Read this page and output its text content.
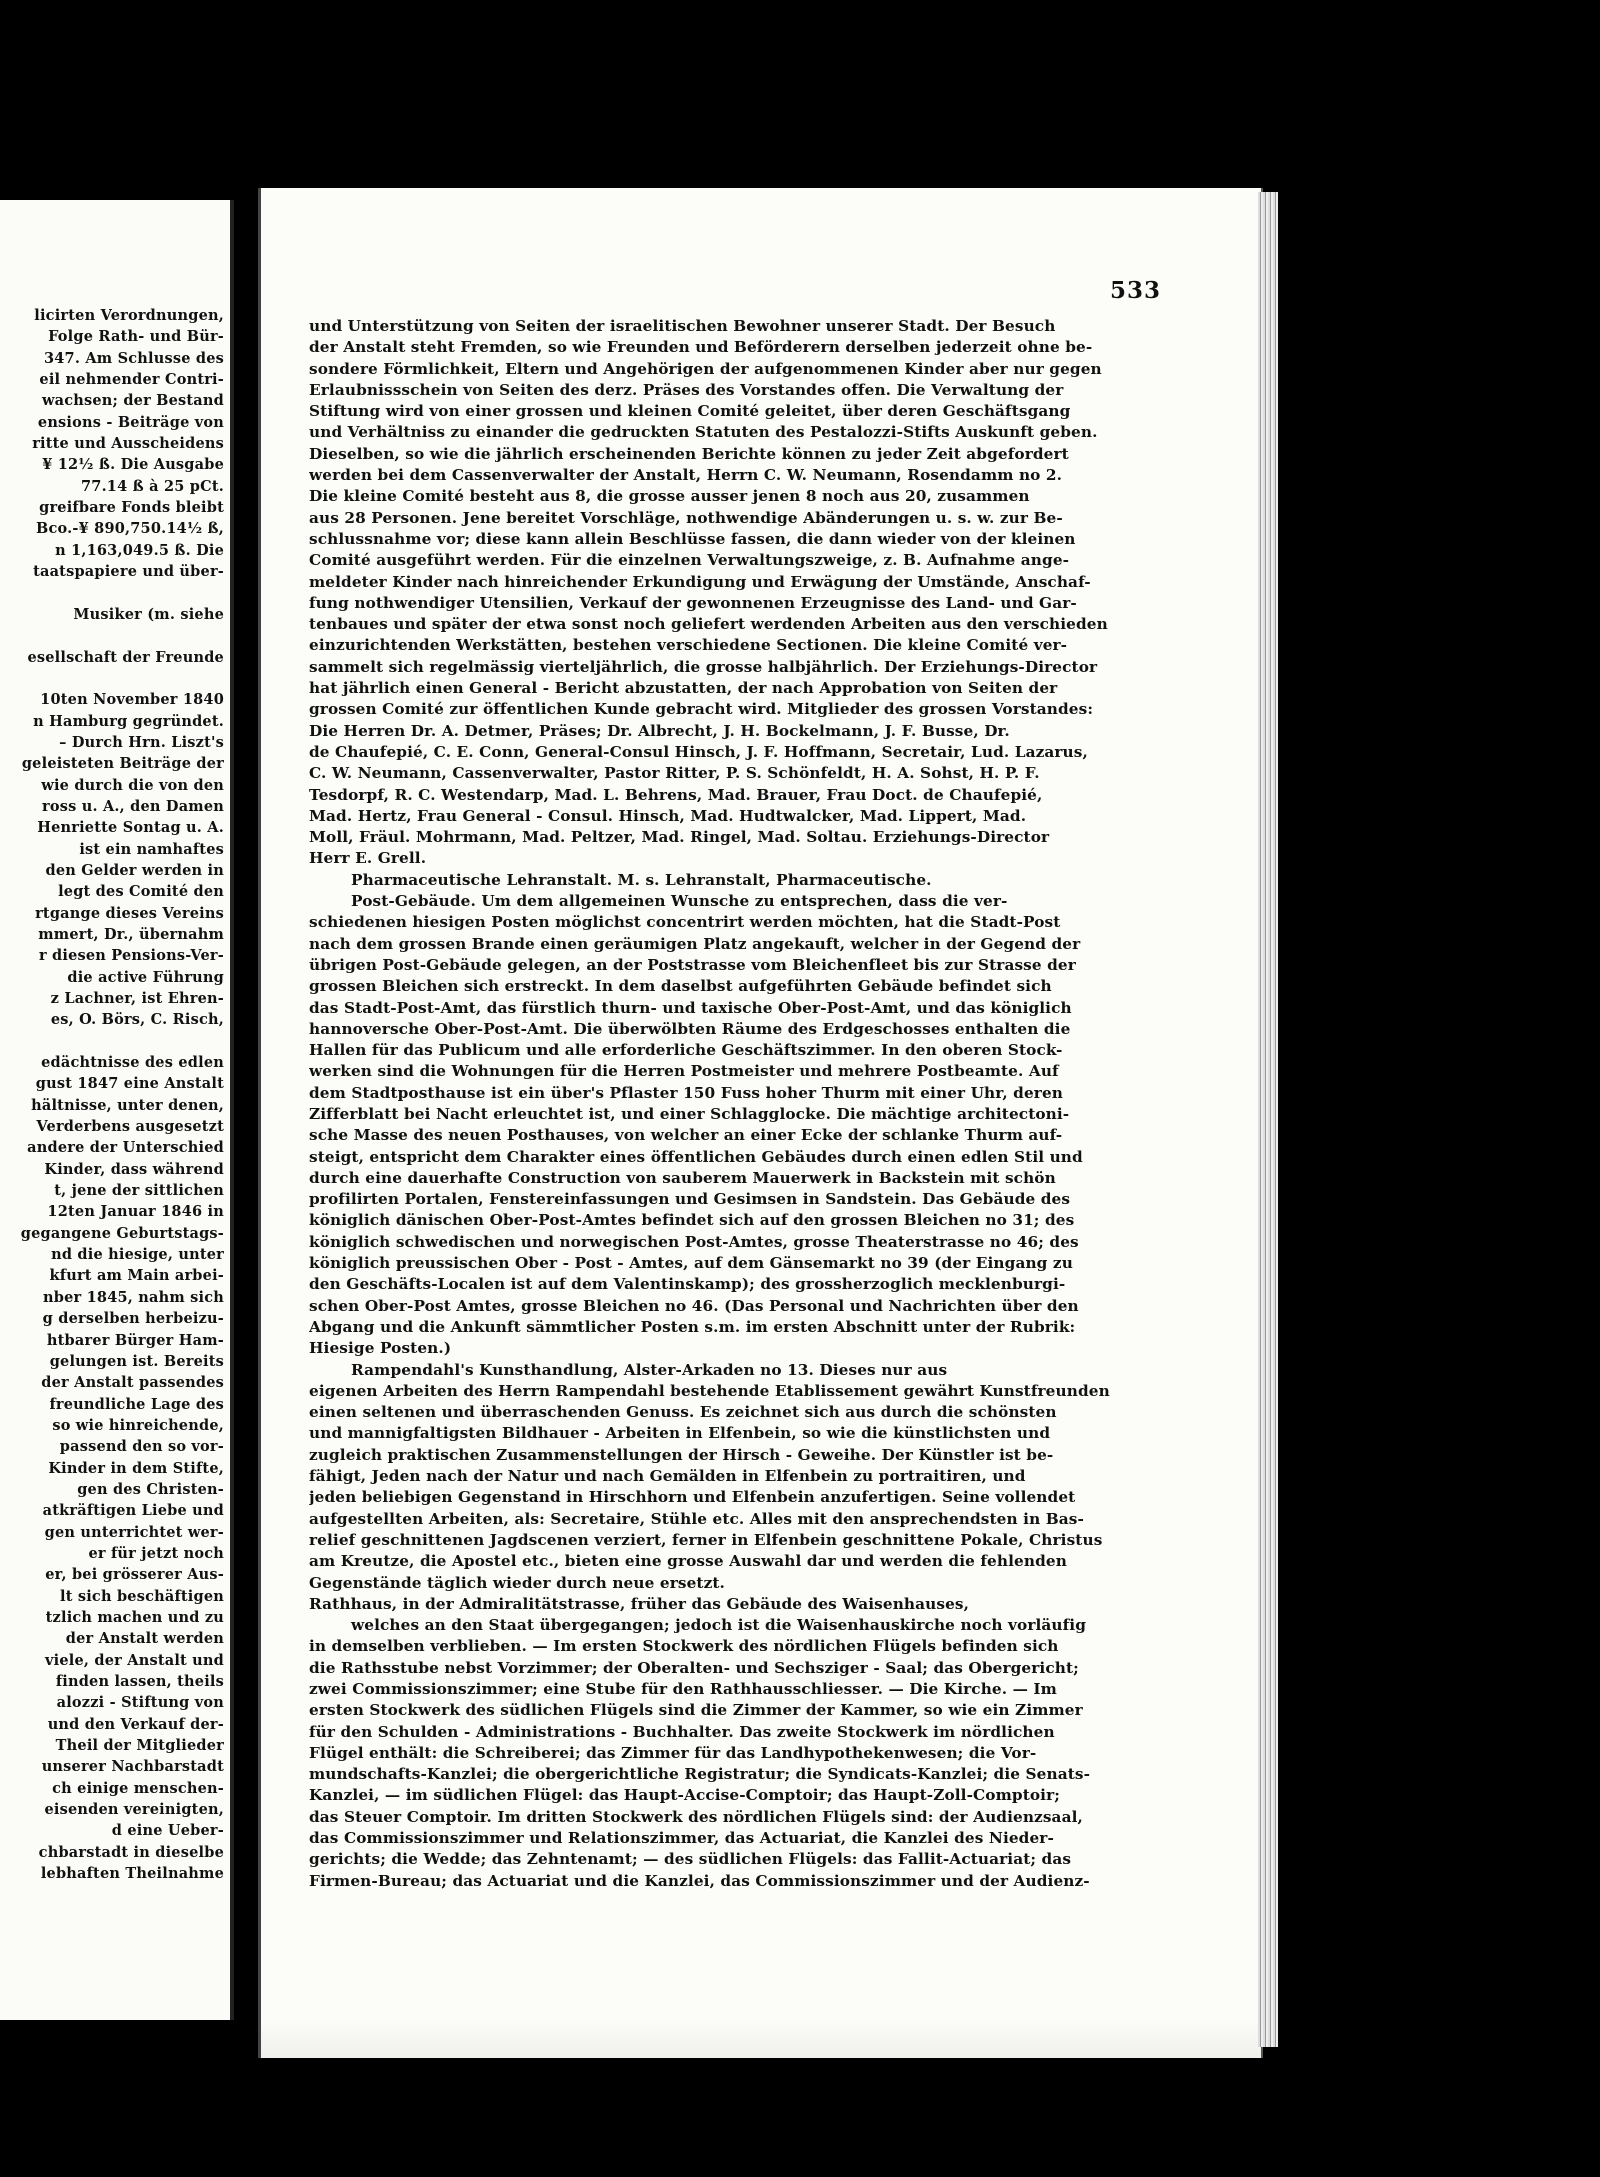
licirten Verordnungen,
Folge Rath- und Bür-
347. Am Schlusse des
eil nehmender Contri-
wachsen; der Bestand
ensions - Beiträge von
ritte und Ausscheidens
¥ 12½ ß. Die Ausgabe
77.14 ß à 25 pCt.
greifbare Fonds bleibt
Bco.-¥ 890,750.14½ ß,
n 1,163,049.5 ß. Die
taatspapiere und über-
Musiker (m. siehe
esellschaft der Freunde
10ten November 1840
n Hamburg gegründet.
– Durch Hrn. Liszt's
geleisteten Beiträge der
wie durch die von den
ross u. A., den Damen
Henriette Sontag u. A.
ist ein namhaftes
den Gelder werden in
legt des Comité den
rtgange dieses Vereins
mmert, Dr., übernahm
r diesen Pensions-Ver-
die active Führung
z Lachner, ist Ehren-
es, O. Börs, C. Risch,
edächtnisse des edlen
gust 1847 eine Anstalt
hältnisse, unter denen,
Verderbens ausgesetzt
andere der Unterschied
Kinder, dass während
t, jene der sittlichen
12ten Januar 1846 in
gegangene Geburtstags-
nd die hiesige, unter
kfurt am Main arbei-
nber 1845, nahm sich
g derselben herbeizu-
htbarer Bürger Ham-
gelungen ist. Bereits
der Anstalt passendes
freundliche Lage des
so wie hinreichende,
passend den so vor-
Kinder in dem Stifte,
gen des Christen-
atkräftigen Liebe und
gen unterrichtet wer-
er für jetzt noch
er, bei grösserer Aus-
lt sich beschäftigen
tzlich machen und zu
der Anstalt werden
viele, der Anstalt und
finden lassen, theils
alozzi - Stiftung von
und den Verkauf der-
Theil der Mitglieder
unserer Nachbarstadt
ch einige menschen-
eisenden vereinigten,
d eine Ueber-
chbarstadt in dieselbe
lebhaften Theilnahme
533
und Unterstützung von Seiten der israelitischen Bewohner unserer Stadt. Der Besuch
der Anstalt steht Fremden, so wie Freunden und Beförderern derselben jederzeit ohne be-
sondere Förmlichkeit, Eltern und Angehörigen der aufgenommenen Kinder aber nur gegen
Erlaubnissschein von Seiten des derz. Präses des Vorstandes offen. Die Verwaltung der
Stiftung wird von einer grossen und kleinen Comité geleitet, über deren Geschäftsgang
und Verhältniss zu einander die gedruckten Statuten des Pestalozzi-Stifts Auskunft geben.
Dieselben, so wie die jährlich erscheinenden Berichte können zu jeder Zeit abgefordert
werden bei dem Cassenverwalter der Anstalt, Herrn C. W. Neumann, Rosendamm no 2.
Die kleine Comité besteht aus 8, die grosse ausser jenen 8 noch aus 20, zusammen
aus 28 Personen. Jene bereitet Vorschläge, nothwendige Abänderungen u. s. w. zur Be-
schlussnahme vor; diese kann allein Beschlüsse fassen, die dann wieder von der kleinen
Comité ausgeführt werden. Für die einzelnen Verwaltungszweige, z. B. Aufnahme ange-
meldeter Kinder nach hinreichender Erkundigung und Erwägung der Umstände, Anschaf-
fung nothwendiger Utensilien, Verkauf der gewonnenen Erzeugnisse des Land- und Gar-
tenbaues und später der etwa sonst noch geliefert werdenden Arbeiten aus den verschieden
einzurichtenden Werkstätten, bestehen verschiedene Sectionen. Die kleine Comité ver-
sammelt sich regelmässig vierteljährlich, die grosse halbjährlich. Der Erziehungs-Director
hat jährlich einen General - Bericht abzustatten, der nach Approbation von Seiten der
grossen Comité zur öffentlichen Kunde gebracht wird. Mitglieder des grossen Vorstandes:
Die Herren Dr. A. Detmer, Präses; Dr. Albrecht, J. H. Bockelmann, J. F. Busse, Dr.
de Chaufepié, C. E. Conn, General-Consul Hinsch, J. F. Hoffmann, Secretair, Lud. Lazarus,
C. W. Neumann, Cassenverwalter, Pastor Ritter, P. S. Schönfeldt, H. A. Sohst, H. P. F.
Tesdorpf, R. C. Westendarp, Mad. L. Behrens, Mad. Brauer, Frau Doct. de Chaufepié,
Mad. Hertz, Frau General - Consul. Hinsch, Mad. Hudtwalcker, Mad. Lippert, Mad.
Moll, Fräul. Mohrmann, Mad. Peltzer, Mad. Ringel, Mad. Soltau. Erziehungs-Director
Herr E. Grell.
Pharmaceutische Lehranstalt. M. s. Lehranstalt, Pharmaceutische.
Post-Gebäude. Um dem allgemeinen Wunsche zu entsprechen, dass die ver-
schiedenen hiesigen Posten möglichst concentrirt werden möchten, hat die Stadt-Post
nach dem grossen Brande einen geräumigen Platz angekauft, welcher in der Gegend der
übrigen Post-Gebäude gelegen, an der Poststrasse vom Bleichenfleet bis zur Strasse der
grossen Bleichen sich erstreckt. In dem daselbst aufgeführten Gebäude befindet sich
das Stadt-Post-Amt, das fürstlich thurn- und taxische Ober-Post-Amt, und das königlich
hannoversche Ober-Post-Amt. Die überwölbten Räume des Erdgeschosses enthalten die
Hallen für das Publicum und alle erforderliche Geschäftszimmer. In den oberen Stock-
werken sind die Wohnungen für die Herren Postmeister und mehrere Postbeamte. Auf
dem Stadtposthause ist ein über's Pflaster 150 Fuss hoher Thurm mit einer Uhr, deren
Zifferblatt bei Nacht erleuchtet ist, und einer Schlagglocke. Die mächtige architectoni-
sche Masse des neuen Posthauses, von welcher an einer Ecke der schlanke Thurm auf-
steigt, entspricht dem Charakter eines öffentlichen Gebäudes durch einen edlen Stil und
durch eine dauerhafte Construction von sauberem Mauerwerk in Backstein mit schön
profilirten Portalen, Fenstereinfassungen und Gesimsen in Sandstein. Das Gebäude des
königlich dänischen Ober-Post-Amtes befindet sich auf den grossen Bleichen no 31; des
königlich schwedischen und norwegischen Post-Amtes, grosse Theaterstrasse no 46; des
königlich preussischen Ober - Post - Amtes, auf dem Gänsemarkt no 39 (der Eingang zu
den Geschäfts-Localen ist auf dem Valentinskamp); des grossherzoglich mecklenburgi-
schen Ober-Post Amtes, grosse Bleichen no 46. (Das Personal und Nachrichten über den
Abgang und die Ankunft sämmtlicher Posten s.m. im ersten Abschnitt unter der Rubrik:
Hiesige Posten.)
Rampendahl's Kunsthandlung, Alster-Arkaden no 13. Dieses nur aus
eigenen Arbeiten des Herrn Rampendahl bestehende Etablissement gewährt Kunstfreunden
einen seltenen und überraschenden Genuss. Es zeichnet sich aus durch die schönsten
und mannigfaltigsten Bildhauer - Arbeiten in Elfenbein, so wie die künstlichsten und
zugleich praktischen Zusammenstellungen der Hirsch - Geweihe. Der Künstler ist be-
fähigt, Jeden nach der Natur und nach Gemälden in Elfenbein zu portraitiren, und
jeden beliebigen Gegenstand in Hirschhorn und Elfenbein anzufertigen. Seine vollendet
aufgestellten Arbeiten, als: Secretaire, Stühle etc. Alles mit den ansprechendsten in Bas-
relief geschnittenen Jagdscenen verziert, ferner in Elfenbein geschnittene Pokale, Christus
am Kreutze, die Apostel etc., bieten eine grosse Auswahl dar und werden die fehlenden
Gegenstände täglich wieder durch neue ersetzt.
Rathhaus, in der Admiralitätstrasse, früher das Gebäude des Waisenhauses,
welches an den Staat übergegangen; jedoch ist die Waisenhauskirche noch vorläufig
in demselben verblieben. — Im ersten Stockwerk des nördlichen Flügels befinden sich
die Rathsstube nebst Vorzimmer; der Oberalten- und Sechsziger - Saal; das Obergericht;
zwei Commissionszimmer; eine Stube für den Rathhausschliesser. — Die Kirche. — Im
ersten Stockwerk des südlichen Flügels sind die Zimmer der Kammer, so wie ein Zimmer
für den Schulden - Administrations - Buchhalter. Das zweite Stockwerk im nördlichen
Flügel enthält: die Schreiberei; das Zimmer für das Landhypothekenwesen; die Vor-
mundschafts-Kanzlei; die obergerichtliche Registratur; die Syndicats-Kanzlei; die Senats-
Kanzlei, — im südlichen Flügel: das Haupt-Accise-Comptoir; das Haupt-Zoll-Comptoir;
das Steuer Comptoir. Im dritten Stockwerk des nördlichen Flügels sind: der Audienzsaal,
das Commissionszimmer und Relationszimmer, das Actuariat, die Kanzlei des Nieder-
gerichts; die Wedde; das Zehntenamt; — des südlichen Flügels: das Fallit-Actuariat; das
Firmen-Bureau; das Actuariat und die Kanzlei, das Commissionszimmer und der Audienz-
